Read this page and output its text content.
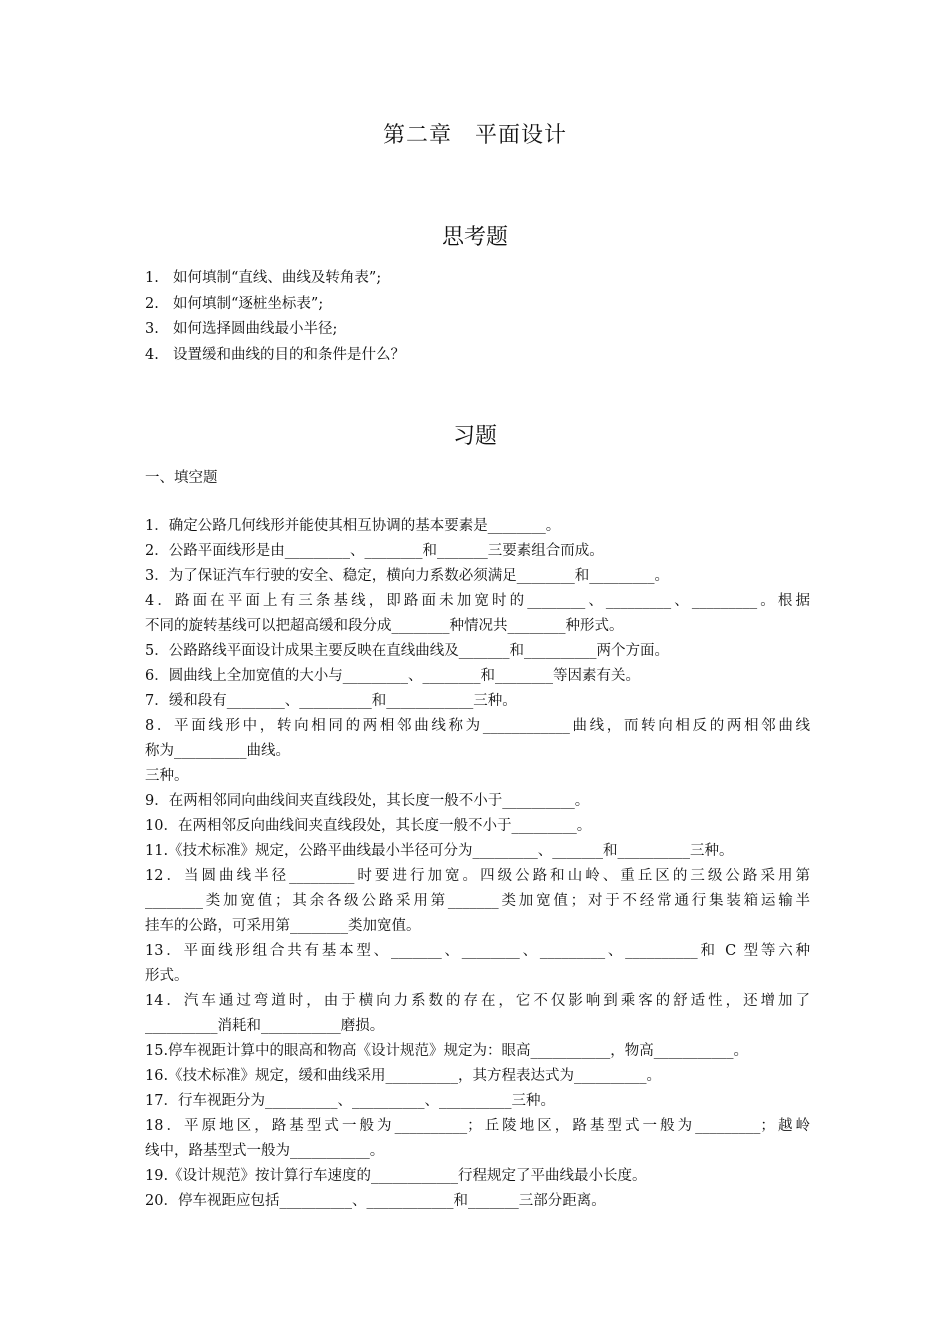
第二章　平面设计
思考题
1. 如何填制“直线、曲线及转角表”;
2. 如何填制“逐桩坐标表”;
3. 如何选择圆曲线最小半径;
4. 设置缓和曲线的目的和条件是什么？
习题
一、填空题
1．确定公路几何线形并能使其相互协调的基本要素是________。
2．公路平面线形是由_________、________和_______三要素组合而成。
3．为了保证汽车行驶的安全、稳定，横向力系数必须满足________和_________。
4．路面在平面上有三条基线，即路面未加宽时的________、_________、_________。根据
不同的旋转基线可以把超高缓和段分成________种情况共________种形式。
5．公路路线平面设计成果主要反映在直线曲线及_______和__________两个方面。
6．圆曲线上全加宽值的大小与_________、________和________等因素有关。
7．缓和段有________、__________和____________三种。
8．平面线形中，转向相同的两相邻曲线称为____________曲线，而转向相反的两相邻曲线
称为__________曲线。
三种。
9．在两相邻同向曲线间夹直线段处，其长度一般不小于__________。
10．在两相邻反向曲线间夹直线段处，其长度一般不小于_________。
11.《技术标准》规定，公路平曲线最小半径可分为_________、_______和__________三种。
12．当圆曲线半径_________时要进行加宽。四级公路和山岭、重丘区的三级公路采用第
________类加宽值；其余各级公路采用第_______类加宽值；对于不经常通行集装箱运输半
挂车的公路，可采用第________类加宽值。
13．平面线形组合共有基本型、_______、________、_________、__________和 C 型等六种
形式。
14．汽车通过弯道时，由于横向力系数的存在，它不仅影响到乘客的舒适性，还增加了
__________消耗和___________磨损。
15.停车视距计算中的眼高和物高《设计规范》规定为：眼高___________，物高___________。
16.《技术标准》规定，缓和曲线采用__________，其方程表达式为__________。
17．行车视距分为__________、__________、__________三种。
18．平原地区，路基型式一般为__________；丘陵地区，路基型式一般为_________；越岭
线中，路基型式一般为___________。
19.《设计规范》按计算行车速度的____________行程规定了平曲线最小长度。
20．停车视距应包括__________、____________和_______三部分距离。
